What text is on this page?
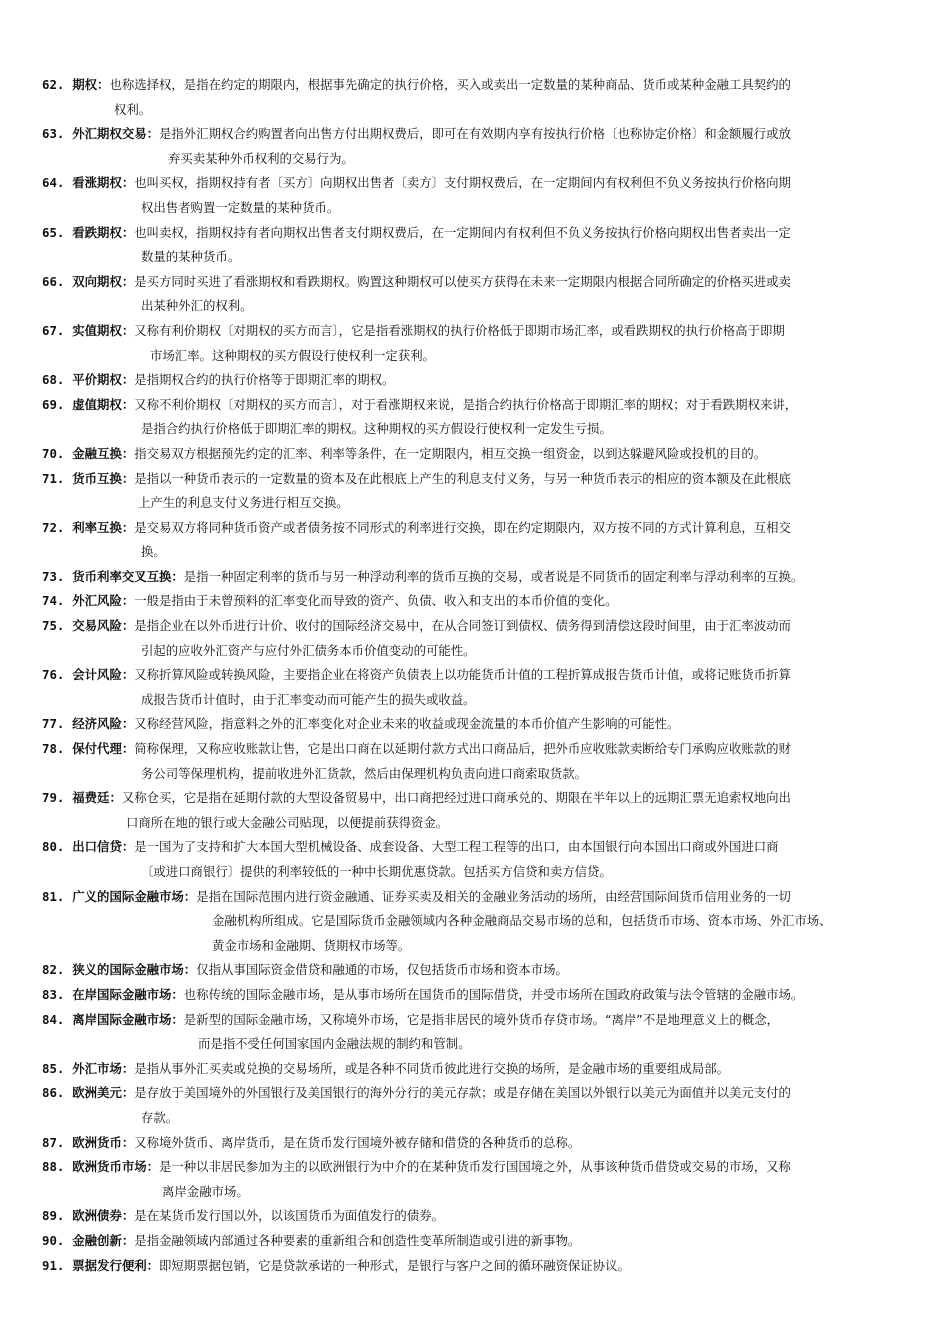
62. 期权：也称选择权，是指在约定的期限内，根据事先确定的执行价格，买入或卖出一定数量的某种商品、货币或某种金融工具契约的
权利。
63. 外汇期权交易：是指外汇期权合约购置者向出售方付出期权费后，即可在有效期内享有按执行价格〔也称协定价格〕和金额履行或放
弃买卖某种外币权利的交易行为。
64. 看涨期权：也叫买权，指期权持有者〔买方〕向期权出售者〔卖方〕支付期权费后，在一定期间内有权利但不负义务按执行价格向期
权出售者购置一定数量的某种货币。
65. 看跌期权：也叫卖权，指期权持有者向期权出售者支付期权费后，在一定期间内有权利但不负义务按执行价格向期权出售者卖出一定
数量的某种货币。
66. 双向期权：是买方同时买进了看涨期权和看跌期权。购置这种期权可以使买方获得在未来一定期限内根据合同所确定的价格买进或卖
出某种外汇的权利。
67. 实值期权：又称有利价期权〔对期权的买方而言〕，它是指看涨期权的执行价格低于即期市场汇率，或看跌期权的执行价格高于即期
市场汇率。这种期权的买方假设行使权利一定获利。
68. 平价期权：是指期权合约的执行价格等于即期汇率的期权。
69. 虚值期权：又称不利价期权〔对期权的买方而言〕，对于看涨期权来说，是指合约执行价格高于即期汇率的期权；对于看跌期权来讲，
是指合约执行价格低于即期汇率的期权。这种期权的买方假设行使权利一定发生亏损。
70. 金融互换：指交易双方根据预先约定的汇率、利率等条件，在一定期限内，相互交换一组资金，以到达躲避风险或投机的目的。
71. 货币互换：是指以一种货币表示的一定数量的资本及在此根底上产生的利息支付义务，与另一种货币表示的相应的资本额及在此根底
上产生的利息支付义务进行相互交换。
72. 利率互换：是交易双方将同种货币资产或者债务按不同形式的利率进行交换，即在约定期限内，双方按不同的方式计算利息，互相交
换。
73. 货币利率交叉互换：是指一种固定利率的货币与另一种浮动利率的货币互换的交易，或者说是不同货币的固定利率与浮动利率的互换。
74. 外汇风险：一般是指由于未曾预料的汇率变化而导致的资产、负债、收入和支出的本币价值的变化。
75. 交易风险：是指企业在以外币进行计价、收付的国际经济交易中，在从合同签订到债权、债务得到清偿这段时间里，由于汇率波动而
引起的应收外汇资产与应付外汇债务本币价值变动的可能性。
76. 会计风险：又称折算风险或转换风险，主要指企业在将资产负债表上以功能货币计值的工程折算成报告货币计值，或将记账货币折算
成报告货币计值时，由于汇率变动而可能产生的损失或收益。
77. 经济风险：又称经营风险，指意料之外的汇率变化对企业未来的收益或现金流量的本币价值产生影响的可能性。
78. 保付代理：简称保理，又称应收账款让售，它是出口商在以延期付款方式出口商品后，把外币应收账款卖断给专门承购应收账款的财
务公司等保理机构，提前收进外汇货款，然后由保理机构负责向进口商索取货款。
79. 福费廷：又称仓买，它是指在延期付款的大型设备贸易中，出口商把经过进口商承兑的、期限在半年以上的远期汇票无追索权地向出
口商所在地的银行或大金融公司贴现，以便提前获得资金。
80. 出口信贷：是一国为了支持和扩大本国大型机械设备、成套设备、大型工程工程等的出口，由本国银行向本国出口商或外国进口商
〔或进口商银行〕提供的利率较低的一种中长期优惠贷款。包括买方信贷和卖方信贷。
81. 广义的国际金融市场：是指在国际范围内进行资金融通、证券买卖及相关的金融业务活动的场所，由经营国际间货币信用业务的一切
金融机构所组成。它是国际货币金融领域内各种金融商品交易市场的总和，包括货币市场、资本市场、外汇市场、
黄金市场和金融期、货期权市场等。
82. 狭义的国际金融市场：仅指从事国际资金借贷和融通的市场，仅包括货币市场和资本市场。
83. 在岸国际金融市场：也称传统的国际金融市场，是从事市场所在国货币的国际借贷，并受市场所在国政府政策与法令管辖的金融市场。
84. 离岸国际金融市场：是新型的国际金融市场，又称境外市场，它是指非居民的境外货币存贷市场。“离岸”不是地理意义上的概念，
而是指不受任何国家国内金融法规的制约和管制。
85. 外汇市场：是指从事外汇买卖或兑换的交易场所，或是各种不同货币彼此进行交换的场所，是金融市场的重要组成局部。
86. 欧洲美元：是存放于美国境外的外国银行及美国银行的海外分行的美元存款；或是存储在美国以外银行以美元为面值并以美元支付的
存款。
87. 欧洲货币：又称境外货币、离岸货币，是在货币发行国境外被存储和借贷的各种货币的总称。
88. 欧洲货币市场：是一种以非居民参加为主的以欧洲银行为中介的在某种货币发行国国境之外，从事该种货币借贷或交易的市场，又称
离岸金融市场。
89. 欧洲债券：是在某货币发行国以外，以该国货币为面值发行的债券。
90. 金融创新：是指金融领域内部通过各种要素的重新组合和创造性变革所制造或引进的新事物。
91. 票据发行便利：即短期票据包销，它是贷款承诺的一种形式，是银行与客户之间的循环融资保证协议。
